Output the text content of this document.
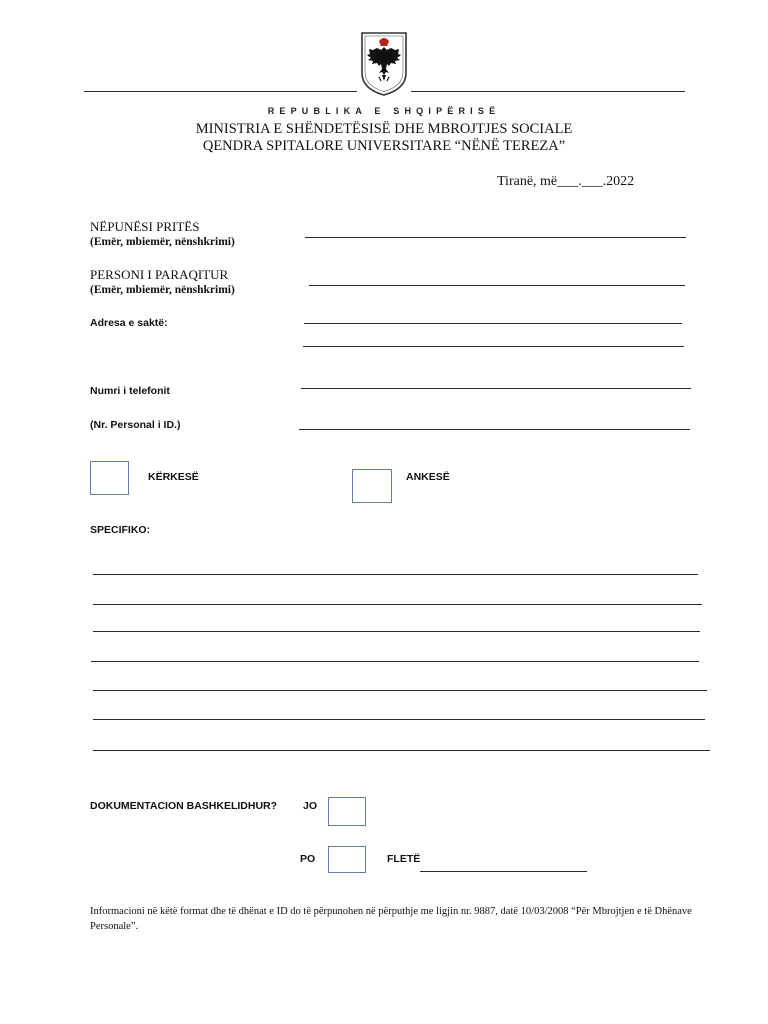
REPUBLIKA E SHQIPËRISË
MINISTRIA E SHËNDETËSISË DHE MBROJTJES SOCIALE
QENDRA SPITALORE UNIVERSITARE “NËNË TEREZA”
Tiranë, më___.___.2022
NËPUNËSI PRITËS
(Emër, mbiemër, nënshkrimi)
PERSONI I PARAQITUR
(Emër, mbiemër, nënshkrimi)
Adresa e saktë:
Numri i telefonit
(Nr. Personal i ID.)
KËRKESË	ANKESË
SPECIFIKO:
DOKUMENTACION BASHKELIDHUR? JO
PO	FLETË
Informacioni në këtë format dhe të dhënat e ID do të përpunohen në përputhje me ligjin nr. 9887, datë 10/03/2008 “Për Mbrojtjen e të Dhënave Personale”.
